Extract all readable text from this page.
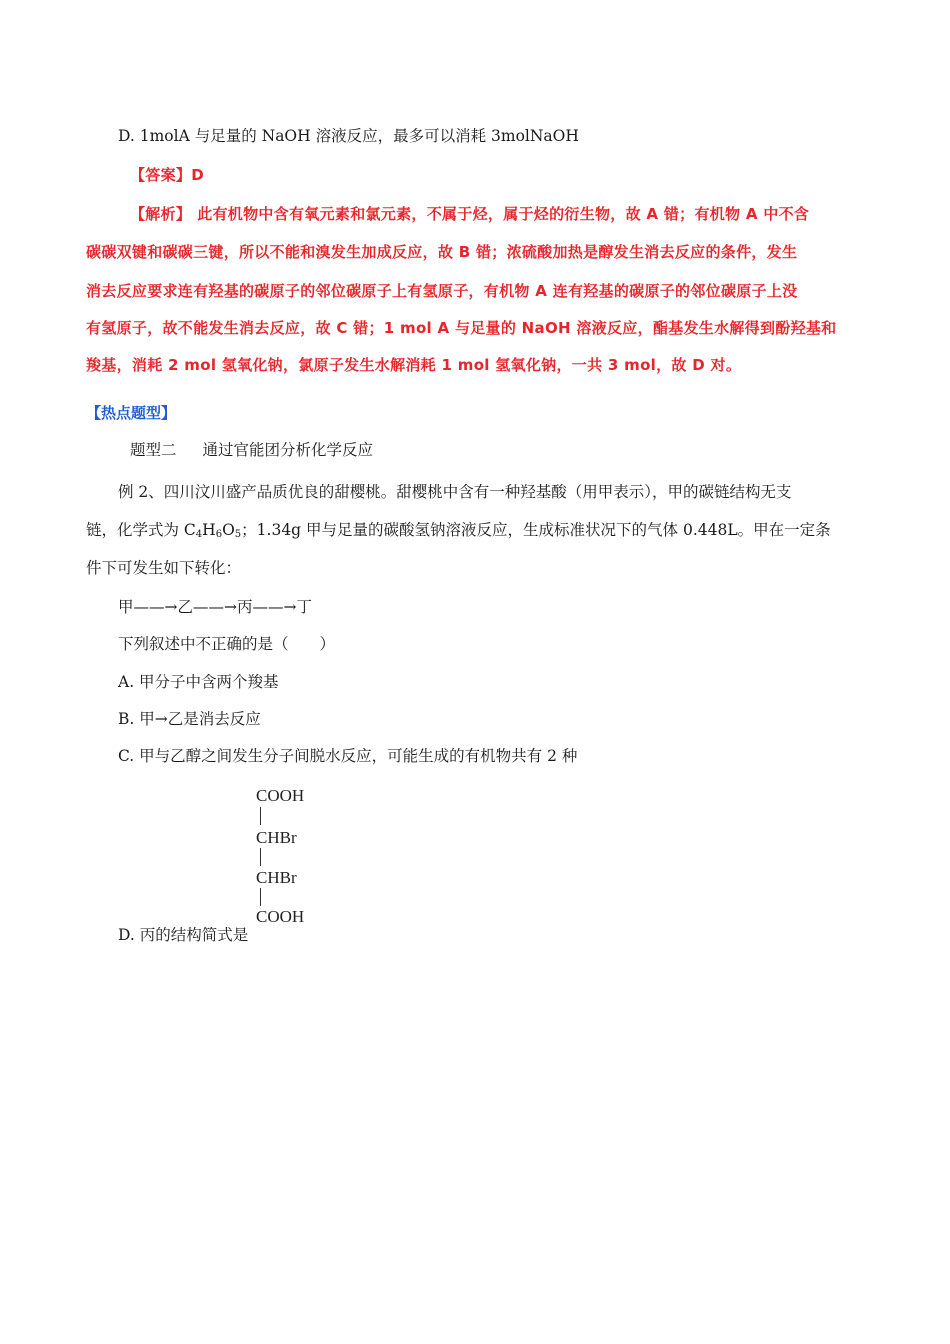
D. 1molA 与足量的 NaOH 溶液反应，最多可以消耗 3molNaOH
【答案】D
【解析】 此有机物中含有氧元素和氯元素，不属于烃，属于烃的衍生物，故 A 错；有机物 A 中不含
碳碳双键和碳碳三键，所以不能和溴发生加成反应，故 B 错；浓硫酸加热是醇发生消去反应的条件，发生
消去反应要求连有羟基的碳原子的邻位碳原子上有氢原子，有机物 A 连有羟基的碳原子的邻位碳原子上没
有氢原子，故不能发生消去反应，故 C 错；1 mol A 与足量的 NaOH 溶液反应，酯基发生水解得到酚羟基和
羧基，消耗 2 mol 氢氧化钠，氯原子发生水解消耗 1 mol 氢氧化钠，一共 3 mol，故 D 对。
【热点题型】
题型二 通过官能团分析化学反应
例 2、四川汶川盛产品质优良的甜樱桃。甜樱桃中含有一种羟基酸（用甲表示），甲的碳链结构无支
链，化学式为 $C_4H_6O_5$；1.34g 甲与足量的碳酸氢钠溶液反应，生成标准状况下的气体 0.448L。甲在一定条
件下可发生如下转化：
甲——→乙——→丙——→丁
下列叙述中不正确的是（　　）
A. 甲分子中含两个羧基
B. 甲→乙是消去反应
C. 甲与乙醇之间发生分子间脱水反应，可能生成的有机物共有 2 种
COOH
CHBr
CHBr
COOH
D. 丙的结构简式是
